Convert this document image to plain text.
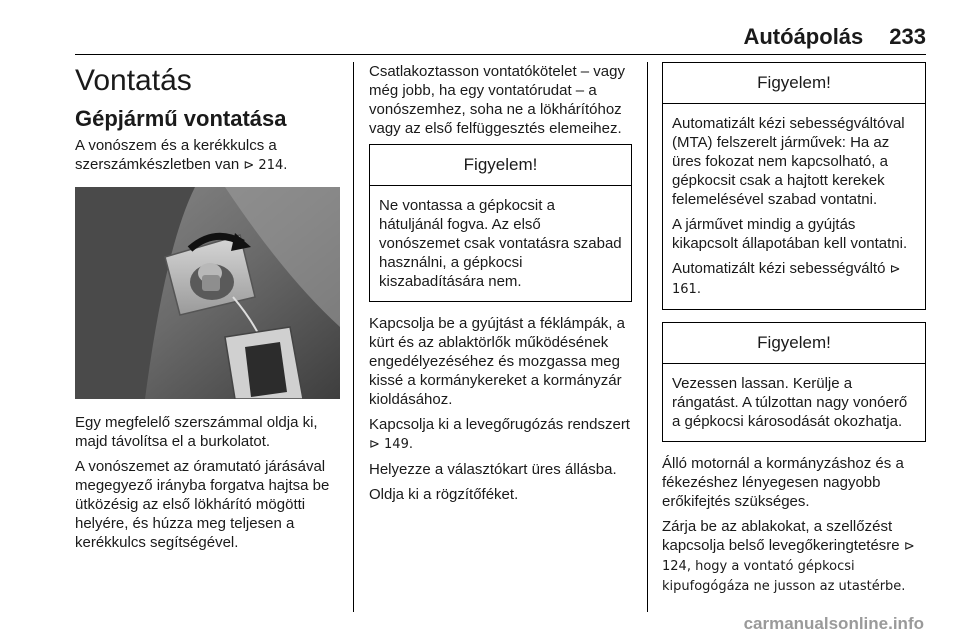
Autóápolás 233
Vontatás
Gépjármű vontatása

A vonószem és a kerékkulcs a szerszámkészletben van ⊳ 214.

Egy megfelelő szerszámmal oldja ki, majd távolítsa el a burkolatot.

A vonószemet az óramutató járásával megegyező irányba forgatva hajtsa be ütközésig az első lökhárító mögötti helyére, és húzza meg teljesen a kerékkulcs segítségével.

Csatlakoztasson vontatókötelet – vagy még jobb, ha egy vontatórudat – a vonószemhez, soha ne a lökhárítóhoz vagy az első felfüggesztés elemeihez.

Figyelem!

Ne vontassa a gépkocsit a hátuljánál fogva. Az első vonószemet csak vontatásra szabad használni, a gépkocsi kiszabadítására nem.

Kapcsolja be a gyújtást a féklámpák, a kürt és az ablaktörlők működésének engedélyezéséhez és mozgassa meg kissé a kormánykereket a kormányzár kioldásához.

Kapcsolja ki a levegőrugózás rendszert ⊳ 149.

Helyezze a választókart üres állásba.

Oldja ki a rögzítőféket.

Figyelem!

Automatizált kézi sebességváltóval (MTA) felszerelt járművek: Ha az üres fokozat nem kapcsolható, a gépkocsit csak a hajtott kerekek felemelésével szabad vontatni.

A járművet mindig a gyújtás kikapcsolt állapotában kell vontatni.

Automatizált kézi sebességváltó ⊳ 161.

Figyelem!

Vezessen lassan. Kerülje a rángatást. A túlzottan nagy vonóerő a gépkocsi károsodását okozhatja.

Álló motornál a kormányzáshoz és a fékezéshez lényegesen nagyobb erőkifejtés szükséges.

Zárja be az ablakokat, a szellőzést kapcsolja belső levegőkeringtetésre ⊳ 124, hogy a vontató gépkocsi kipufogógáza ne jusson az utastérbe.

carmanualsonline.info
